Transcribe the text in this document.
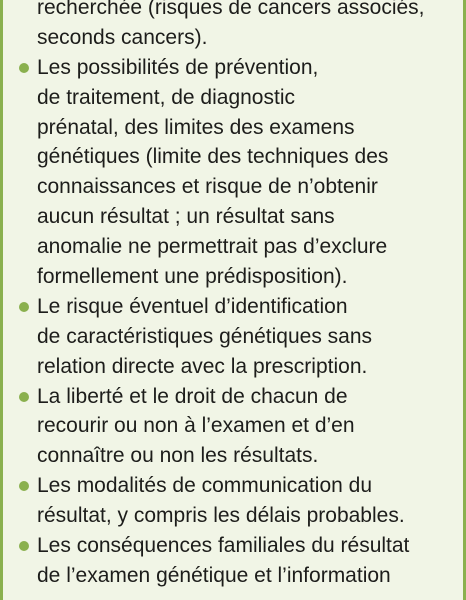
recherchée (risques de cancers associés,
seconds cancers).
Les possibilités de prévention,
de traitement, de diagnostic
prénatal, des limites des examens
génétiques (limite des techniques des
connaissances et risque de n’obtenir
aucun résultat ; un résultat sans
anomalie ne permettrait pas d’exclure
formellement une prédisposition).
Le risque éventuel d’identification
de caractéristiques génétiques sans
relation directe avec la prescription.
La liberté et le droit de chacun de
recourir ou non à l’examen et d’en
connaître ou non les résultats.
Les modalités de communication du
résultat, y compris les délais probables.
Les conséquences familiales du résultat
de l’examen génétique et l’information
